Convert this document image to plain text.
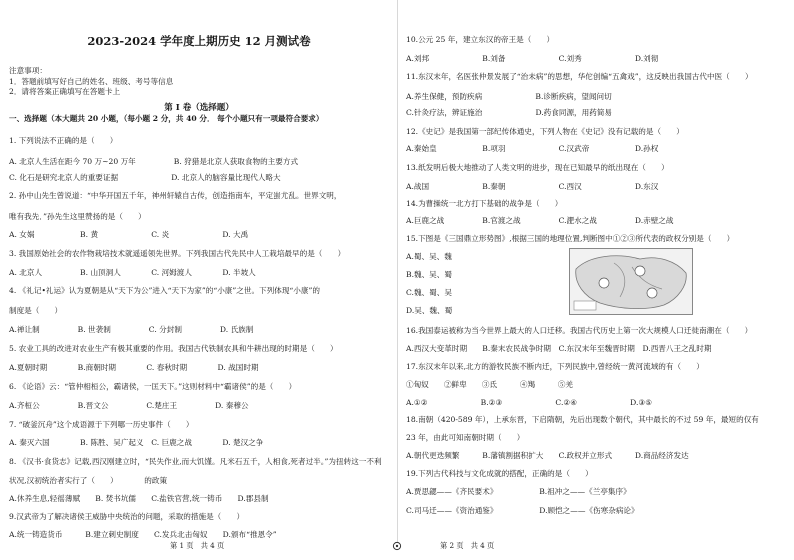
2023-2024 学年度上期历史 12 月测试卷
注意事项：
1．答题前填写好自己的姓名、班级、考号等信息
2．请将答案正确填写在答题卡上
第 I 卷（选择题）
一、选择题（本大题共 20 小题，（每小题 2 分，共 40 分． 每个小题只有一项最符合要求）
1. 下列说法不正确的是（　　）
A. 北京人生活在距今 70 万~20 万年　　　　　B. 狩猎是北京人获取食物的主要方式
C. 化石是研究北京人的重要证据　　　　　　　D. 北京人的脑容量比现代人略大
2. 孙中山先生曾说道：“中华开国五千年，神州轩辕自古传，创造指南车，平定蚩尤乱。世界文明，
唯有我先．”孙先生这里赞扬的是（　　）
A. 女娲　　　　　　B. 黄　　　　　　　C. 炎　　　　　　　D. 大禹
3. 我国原始社会的农作物栽培技术就遥遥领先世界。下列我国古代先民中人工栽培最早的是（　　）
A. 北京人　　　　　B. 山顶洞人　　　　C. 河姆渡人　　　　D. 半坡人
4. 《礼记•礼运》认为夏朝是从“天下为公”进入“天下为家”的“小康”之世。下列体现“小康”的
制度是（　　）
A.禅让制　　　　　B. 世袭制　　　　　C. 分封制　　　　　D. 氏族制
5. 农业工具的改进对农业生产有极其重要的作用。我国古代铁制农具和牛耕出现的时期是（　　）
A.夏朝时期　　　　B.商朝时期　　　　C. 春秋时期　　　　D. 战国时期
6. 《论语》云：“管仲相桓公，霸诸侯，一匡天下。”这则材料中“霸诸侯”的是（　　）
A.齐桓公　　　　　B.晋文公　　　　　C.楚庄王　　　　　D. 秦穆公
7. “破釜沉舟”这个成语源于下列哪一历史事件（　　）
A. 秦灭六国　　　　B. 陈胜、吴广起义　C. 巨鹿之战　　　　D. 楚汉之争
8. 《汉书·食货志》记载,西汉刚建立时，“民失作业,而大饥馑。凡米石五千，人相食,死者过半。”为扭转这一不利
状况,汉初统治者实行了（　　）　　　　的政策
A.休养生息,轻徭薄赋　　B. 焚书坑儒　　C.盐铁官营,统一铸币　　D.郡县制
9.汉武帝为了解决诸侯王威胁中央统治的问题，采取的措施是（　　）
A.统一铸造货币　　　B.建立刺史制度　　C.发兵北击匈奴　　D.颁布“推恩令”
10.公元 25 年，建立东汉的帝王是（　　）
A.刘邦　　　　　　　B.刘备　　　　　　　C.刘秀　　　　　　　D.刘彻
11.东汉末年，名医张仲景发展了“治未病”的思想，华佗创编“五禽戏”，这反映出我国古代中医（　　）
A.养生保健，预防疾病　　　　　　　B.诊断疾病，望闻问切
C.针灸疗法，辨证施治　　　　　　　D.药食同源，用药简易
12.《史记》是我国第一部纪传体通史，下列人物在《史记》没有记载的是（　　）
A.秦始皇　　　　　　B.项羽　　　　　　　C.汉武帝　　　　　　D.孙权
13.纸发明后极大地推动了人类文明的进步，现在已知最早的纸出现在（　　）
A.战国　　　　　　　B.秦朝　　　　　　　C.西汉　　　　　　　D.东汉
14.为曹操统一北方打下基础的战争是（　　）
A.巨鹿之战　　　　　B.官渡之战　　　　　C.淝水之战　　　　　D.赤壁之战
15.下图是《三国鼎立形势图》,根据三国的地理位置,判断图中①②③所代表的政权分别是（　　）
A.蜀、吴、魏
B.魏、吴、蜀
C.魏、蜀、吴
D.吴、魏、蜀
16.我国泰运被称为当今世界上最大的人口迁移。我国古代历史上第一次大规模人口迁徙南潮在（　　）
A.西汉大变革时期　　B.秦末农民战争时期　C.东汉末年至魏晋时期　D.西晋八王之乱时期
17.东汉末年以来,北方的游牧民族不断内迁，下列民族中,曾经统一黄河流域的有（　　）
①匈奴　　②鲜卑　　③氐　　　④羯　　　⑤羌
A.①②　　　　　　　B.②③　　　　　　　C.②④　　　　　　　D.③⑤
18.南朝（420-589 年），上承东晋，下启隋朝，先后出现数个朝代，其中最长的不过 59 年，最短的仅有
23 年，由此可知南朝时期（　　）
A.朝代更迭频繁　　　B.藩镇割据积扩大　　C.政权并立形式　　　D.商品经济发达
19.下列古代科技与文化成就的搭配，正确的是（　　）
A.贾思勰——《齐民要术》　　　　　　B.祖冲之——《兰亭集序》
C.司马迁——《资治通鉴》　　　　　　D.顾恺之——《伤寒杂病论》
第 1 页　共 4 页	第 2 页　共 4 页
